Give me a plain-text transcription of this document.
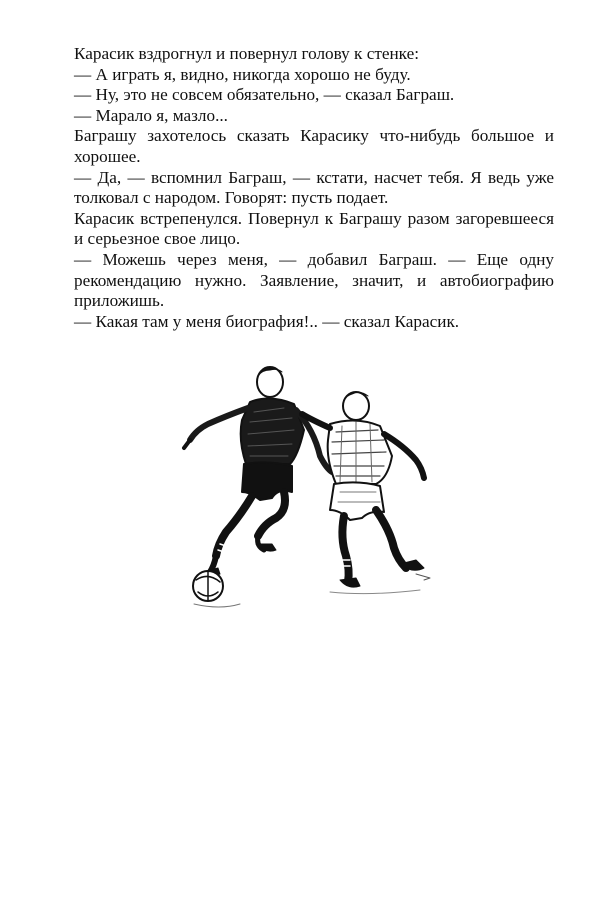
Карасик вздрогнул и повернул голову к стенке:

— А играть я, видно, никогда хорошо не буду.

— Ну, это не совсем обязательно, — сказал Баграш.

— Марало я, мазло...

Баграшу захотелось сказать Карасику что-нибудь большое и хорошее.

— Да, — вспомнил Баграш, — кстати, насчет тебя. Я ведь уже толковал с народом. Говорят: пусть подает.

Карасик встрепенулся. Повернул к Баграшу разом загоревшееся и серьезное свое лицо.

— Можешь через меня, — добавил Баграш. — Еще одну рекомендацию нужно. Заявление, значит, и автобиографию приложишь.

— Какая там у меня биография!.. — сказал Карасик.
